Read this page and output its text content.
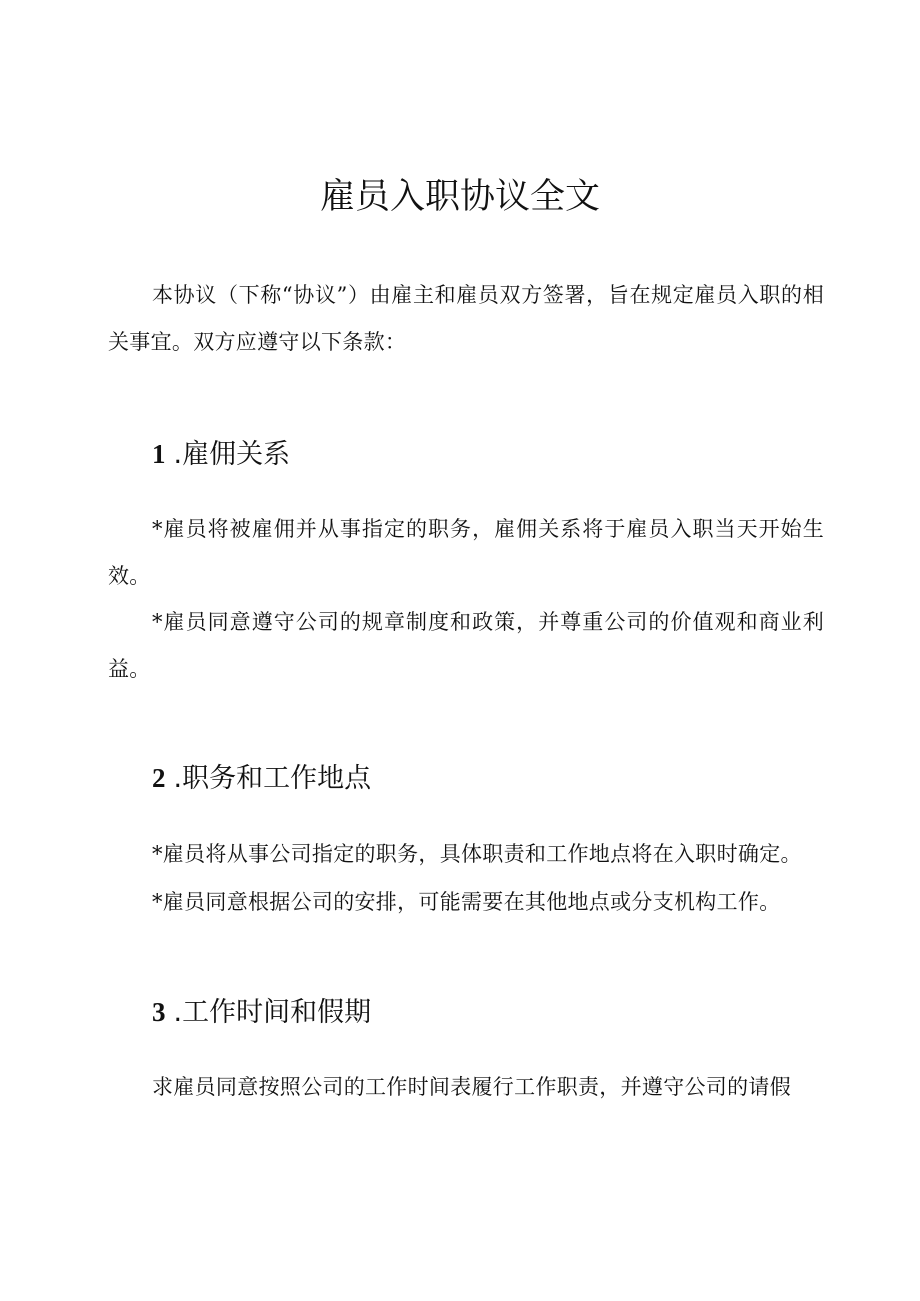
雇员入职协议全文

本协议（下称“协议”）由雇主和雇员双方签署，旨在规定雇员入职的相关事宜。双方应遵守以下条款：

1 .雇佣关系

*雇员将被雇佣并从事指定的职务，雇佣关系将于雇员入职当天开始生效。

*雇员同意遵守公司的规章制度和政策，并尊重公司的价值观和商业利益。

2 .职务和工作地点

*雇员将从事公司指定的职务，具体职责和工作地点将在入职时确定。

*雇员同意根据公司的安排，可能需要在其他地点或分支机构工作。

3 .工作时间和假期

求雇员同意按照公司的工作时间表履行工作职责，并遵守公司的请假
